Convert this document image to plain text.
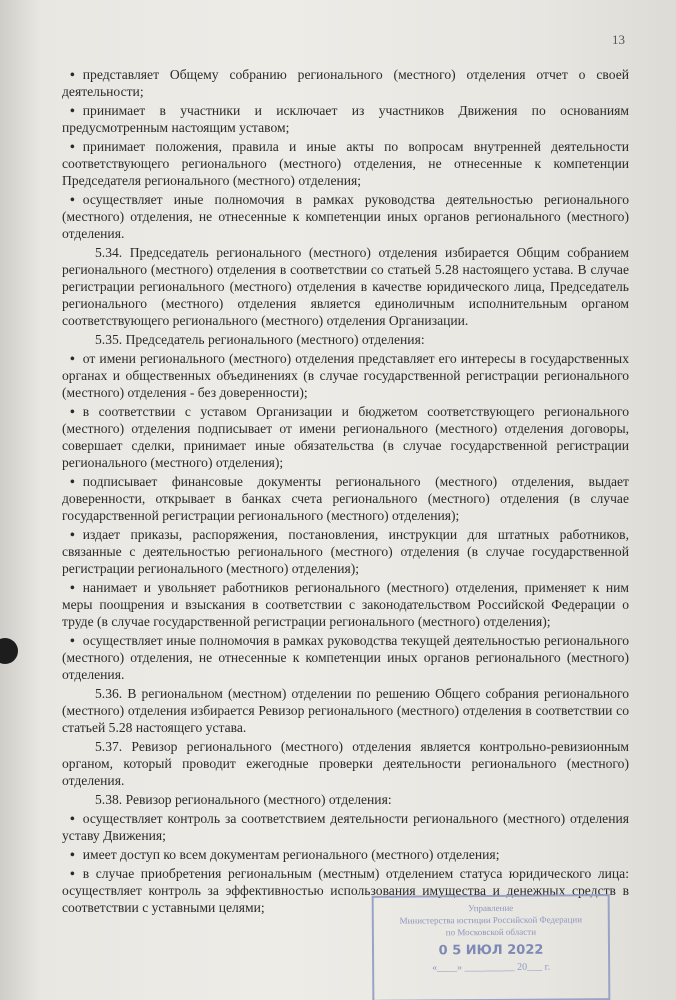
13

• представляет Общему собранию регионального (местного) отделения отчет о своей деятельности;

• принимает в участники и исключает из участников Движения по основаниям предусмотренным настоящим уставом;

• принимает положения, правила и иные акты по вопросам внутренней деятельности соответствующего регионального (местного) отделения, не отнесенные к компетенции Председателя регионального (местного) отделения;

• осуществляет иные полномочия в рамках руководства деятельностью регионального (местного) отделения, не отнесенные к компетенции иных органов регионального (местного) отделения.

5.34. Председатель регионального (местного) отделения избирается Общим собранием регионального (местного) отделения в соответствии со статьей 5.28 настоящего устава. В случае регистрации регионального (местного) отделения в качестве юридического лица, Председатель регионального (местного) отделения является единоличным исполнительным органом соответствующего регионального (местного) отделения Организации.

5.35. Председатель регионального (местного) отделения:

• от имени регионального (местного) отделения представляет его интересы в государственных органах и общественных объединениях (в случае государственной регистрации регионального (местного) отделения - без доверенности);

• в соответствии с уставом Организации и бюджетом соответствующего регионального (местного) отделения подписывает от имени регионального (местного) отделения договоры, совершает сделки, принимает иные обязательства (в случае государственной регистрации регионального (местного) отделения);

• подписывает финансовые документы регионального (местного) отделения, выдает доверенности, открывает в банках счета регионального (местного) отделения (в случае государственной регистрации регионального (местного) отделения);

• издает приказы, распоряжения, постановления, инструкции для штатных работников, связанные с деятельностью регионального (местного) отделения (в случае государственной регистрации регионального (местного) отделения);

• нанимает и увольняет работников регионального (местного) отделения, применяет к ним меры поощрения и взыскания в соответствии с законодательством Российской Федерации о труде (в случае государственной регистрации регионального (местного) отделения);

• осуществляет иные полномочия в рамках руководства текущей деятельностью регионального (местного) отделения, не отнесенные к компетенции иных органов регионального (местного) отделения.

5.36. В региональном (местном) отделении по решению Общего собрания регионального (местного) отделения избирается Ревизор регионального (местного) отделения в соответствии со статьей 5.28 настоящего устава.

5.37. Ревизор регионального (местного) отделения является контрольно-ревизионным органом, который проводит ежегодные проверки деятельности регионального (местного) отделения.

5.38. Ревизор регионального (местного) отделения:

• осуществляет контроль за соответствием деятельности регионального (местного) отделения уставу Движения;

• имеет доступ ко всем документам регионального (местного) отделения;

• в случае приобретения региональным (местным) отделением статуса юридического лица: осуществляет контроль за эффективностью использования имущества и денежных средств в соответствии с уставными целями;	Управление
Министерства юстиции Российской Федерации
по Московской области
0 5 ИЮЛ 2022
«____» __________ 20___ г.
